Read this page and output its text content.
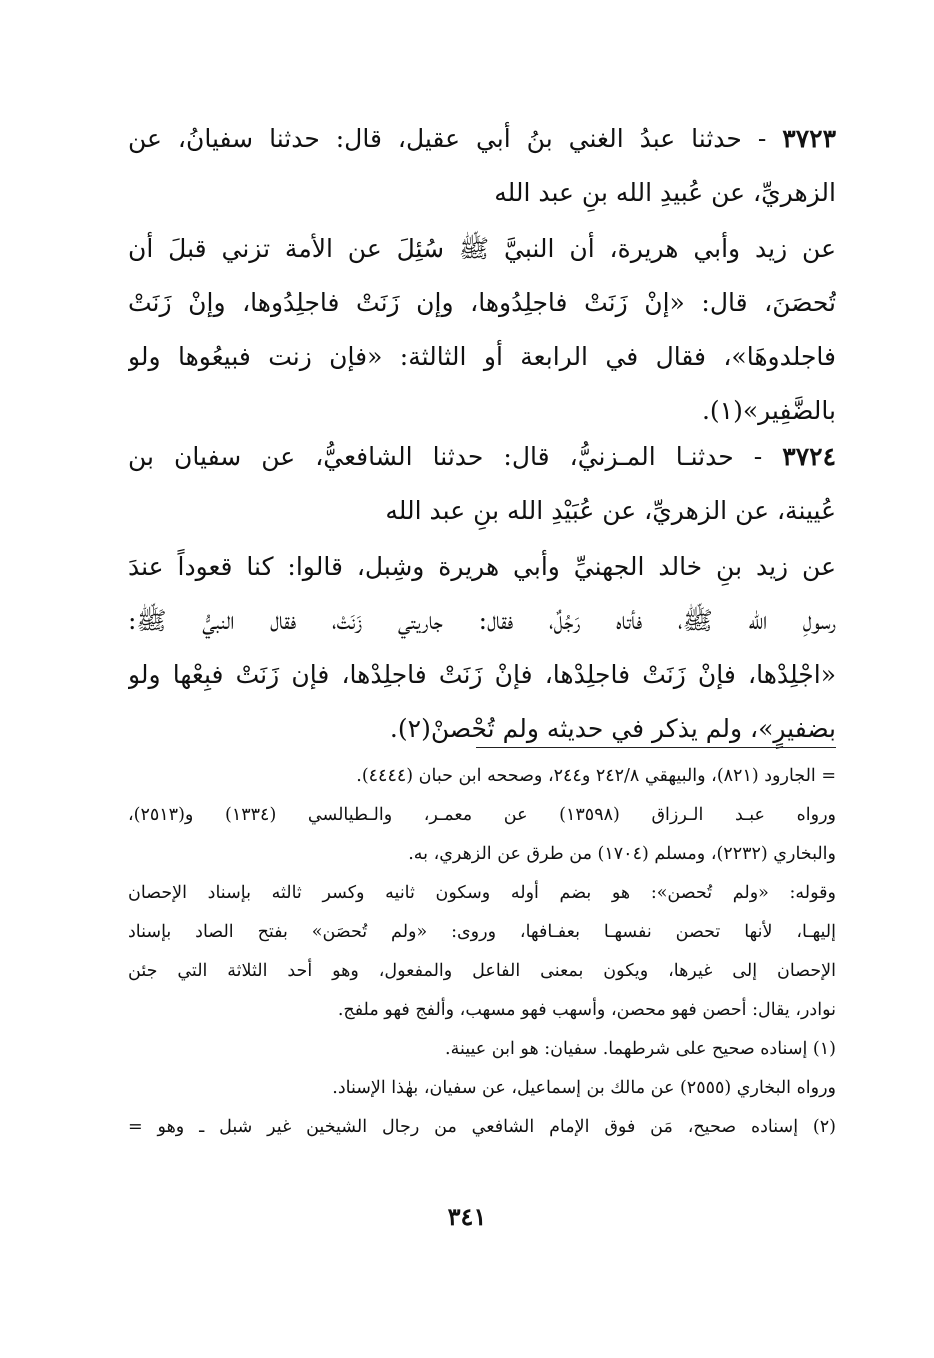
٣٧٢٣ - حدثنا عبدُ الغني بنُ أبي عقيل، قال: حدثنا سفيانُ، عن
الزهريِّ، عن عُبيدِ الله بنِ عبد الله
عن زيد وأبي هريرة، أن النبيَّ ﷺ سُئِلَ عن الأمة تزني قبلَ أن
تُحصَنَ، قال: «إنْ زَنَتْ فاجلِدُوها، وإن زَنَتْ فاجلِدُوها، وإنْ زَنَتْ
فاجلدوهَا»، فقال في الرابعة أو الثالثة: «فإن زنت فبيعُوها ولو
بالضَّفِير»(١).
٣٧٢٤ - حدثنـا المـزنيُّ، قال: حدثنا الشافعيُّ، عن سفيان بن
عُيينة، عن الزهريِّ، عن عُبَيْدِ الله بنِ عبد الله
عن زيد بنِ خالد الجهنيِّ وأبي هريرة وشِبل، قالوا: كنا قعوداً عندَ
رسولِ الله ﷺ، فأتاه رَجُلٌ، فقال: جاريتي زَنَتْ، فقال النبيُّ ﷺ:
«اجْلِدْها، فإنْ زَنَتْ فاجلِدْها، فإنْ زَنَتْ فاجلِدْها، فإن زَنَتْ فبِعْها ولو
بضفيرٍ»، ولم يذكر في حديثه ولم تُحْصنْ(٢).
= الجارود (٨٢١)، والبيهقي ٢٤٢/٨ و٢٤٤، وصححه ابن حبان (٤٤٤٤).
ورواه عبـد الـرزاق (١٣٥٩٨) عن معمـر، والـطيالسي (١٣٣٤) و(٢٥١٣)،
والبخاري (٢٢٣٢)، ومسلم (١٧٠٤) من طرق عن الزهري، به.
وقوله: «ولم تُحصن»: هو بضم أوله وسكون ثانيه وكسر ثالثه بإسناد الإحصان
إليهـا، لأنها تحصن نفسهـا بعفـافها، وروى: «ولم تُحصَن» بفتح الصاد بإسناد
الإحصان إلى غيرها، ويكون بمعنى الفاعل والمفعول، وهو أحد الثلاثة التي جئن
نوادر، يقال: أحصن فهو محصن، وأسهب فهو مسهب، وألفج فهو ملفج.
(١) إسناده صحيح على شرطهما. سفيان: هو ابن عيينة.
ورواه البخاري (٢٥٥٥) عن مالك بن إسماعيل، عن سفيان، بهٰذا الإسناد.
(٢) إسناده صحيح، مَن فوق الإمام الشافعي من رجال الشيخين غير شبل ـ وهو =
٣٤١
